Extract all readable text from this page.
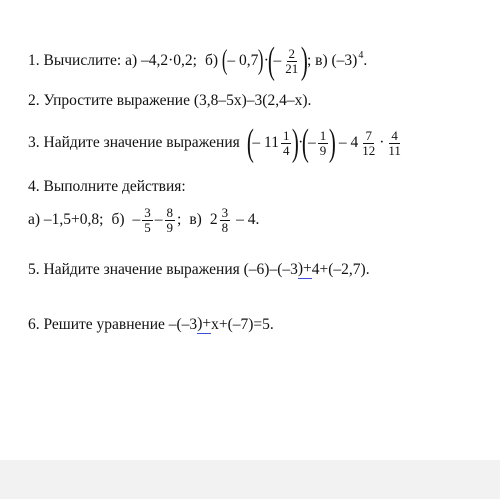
1. Вычислите: а) –4,2·0,2; б) ( – 0,7 ) ·
(
– $\frac{2}{21}$ )
; в) (–3) 4 .
2. Упростите выражение (3,8–5x)–3(2,4–x).
3. Найдите значение выражения (
– $11 \frac{1}{4}$ )
·
(
– $\frac{1}{9}$ ) – $4 \frac{7}{12} \cdot \frac{4}{11}$
4. Выполните действия:
а) –1,5+0,8; $б) - \frac{3}{5} - \frac{8}{9}$ ; в) $2 \frac{3}{8} - 4$.
5. Найдите значение выражения (–6)–(–3 )+ 4+(–2,7).
6. Решите уравнение –(–3 )+ x+(–7)=5.
